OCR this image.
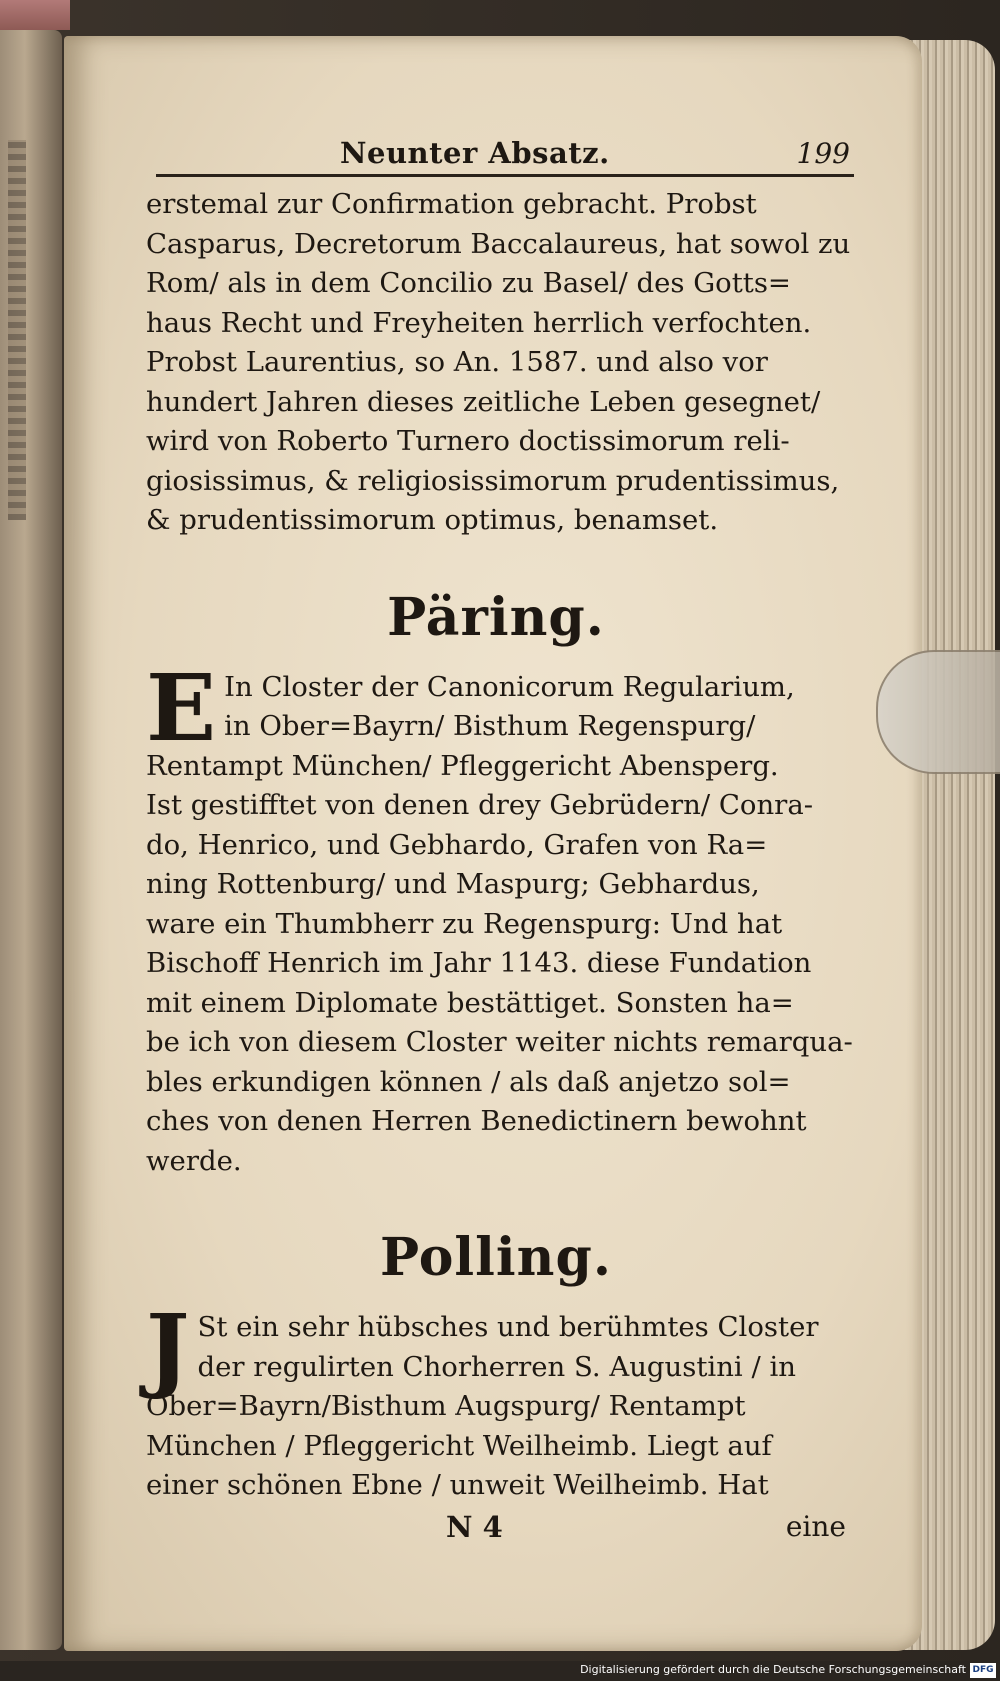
Neunter Absatz.	199
erstemal zur Confirmation gebracht. Probst
Casparus, Decretorum Baccalaureus, hat sowol zu
Rom/ als in dem Concilio zu Basel/ des Gotts=
haus Recht und Freyheiten herrlich verfochten.
Probst Laurentius, so An. 1587. und also vor
hundert Jahren dieses zeitliche Leben gesegnet/
wird von Roberto Turnero doctissimorum reli-
giosissimus, & religiosissimorum prudentissimus,
& prudentissimorum optimus, benamset.
Päring.
E In Closter der Canonicorum Regularium,
in Ober=Bayrn/ Bisthum Regenspurg/
Rentampt München/ Pfleggericht Abensperg.
Ist gestifftet von denen drey Gebrüdern/ Conra-
do, Henrico, und Gebhardo, Grafen von Ra=
ning Rottenburg/ und Maspurg; Gebhardus,
ware ein Thumbherr zu Regenspurg: Und hat
Bischoff Henrich im Jahr 1143. diese Fundation
mit einem Diplomate bestättiget. Sonsten ha=
be ich von diesem Closter weiter nichts remarqua-
bles erkundigen können / als daß anjetzo sol=
ches von denen Herren Benedictinern bewohnt
werde.
Polling.
J St ein sehr hübsches und berühmtes Closter
der regulirten Chorherren S. Augustini / in
Ober=Bayrn/Bisthum Augspurg/ Rentampt
München / Pfleggericht Weilheimb. Liegt auf
einer schönen Ebne / unweit Weilheimb. Hat
N 4	eine
Digitalisierung gefördert durch die Deutsche Forschungsgemeinschaft DFG
